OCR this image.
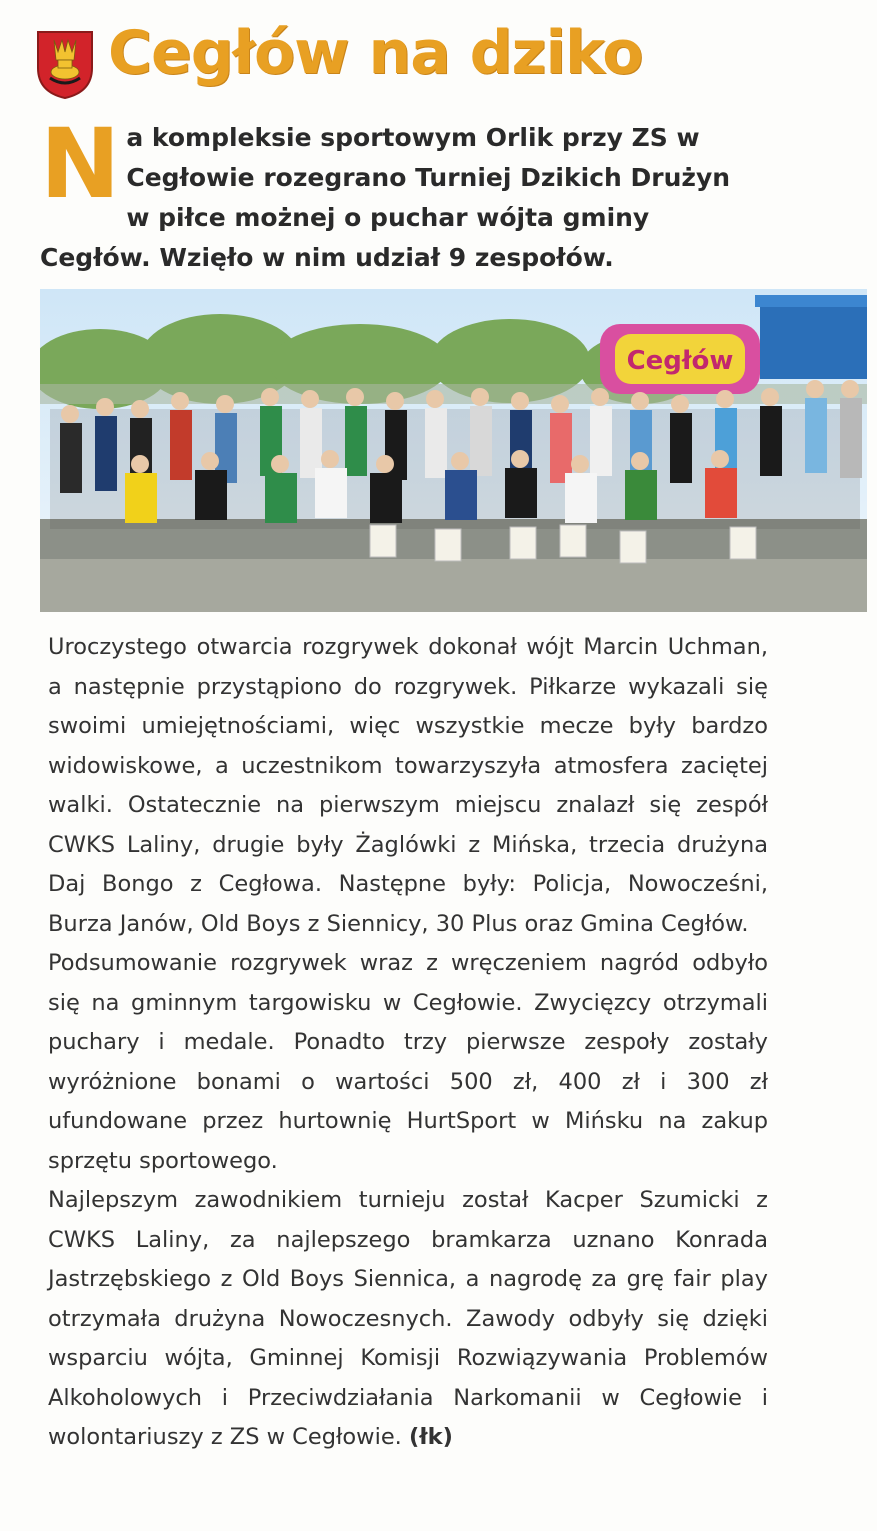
Cegłów na dziko
N a kompleksie sportowym Orlik przy ZS w Cegłowie rozegrano Turniej Dzikich Drużyn w piłce możnej o puchar wójta gminy Cegłów. Wzięło w nim udział 9 zespołów.
Cegłów

Uroczystego otwarcia rozgrywek dokonał wójt Marcin Uchman, a następnie przystąpiono do rozgrywek. Piłkarze wykazali się swoimi umiejętnościami, więc wszystkie mecze były bardzo widowiskowe, a uczestnikom towarzyszyła atmosfera zaciętej walki. Ostatecznie na pierwszym miejscu znalazł się zespół CWKS Laliny, drugie były Żaglówki z Mińska, trzecia drużyna Daj Bongo z Cegłowa. Następne były: Policja, Nowocześni, Burza Janów, Old Boys z Siennicy, 30 Plus oraz Gmina Cegłów.

Podsumowanie rozgrywek wraz z wręczeniem nagród odbyło się na gminnym targowisku w Cegłowie. Zwycięzcy otrzymali puchary i medale. Ponadto trzy pierwsze zespoły zostały wyróżnione bonami o wartości 500 zł, 400 zł i 300 zł ufundowane przez hurtownię HurtSport w Mińsku na zakup sprzętu sportowego.

Najlepszym zawodnikiem turnieju został Kacper Szumicki z CWKS Laliny, za najlepszego bramkarza uznano Konrada Jastrzębskiego z Old Boys Siennica, a nagrodę za grę fair play otrzymała drużyna Nowoczesnych. Zawody odbyły się dzięki wsparciu wójta, Gminnej Komisji Rozwiązywania Problemów Alkoholowych i Przeciwdziałania Narkomanii w Cegłowie i wolontariuszy z ZS w Cegłowie. (łk)
